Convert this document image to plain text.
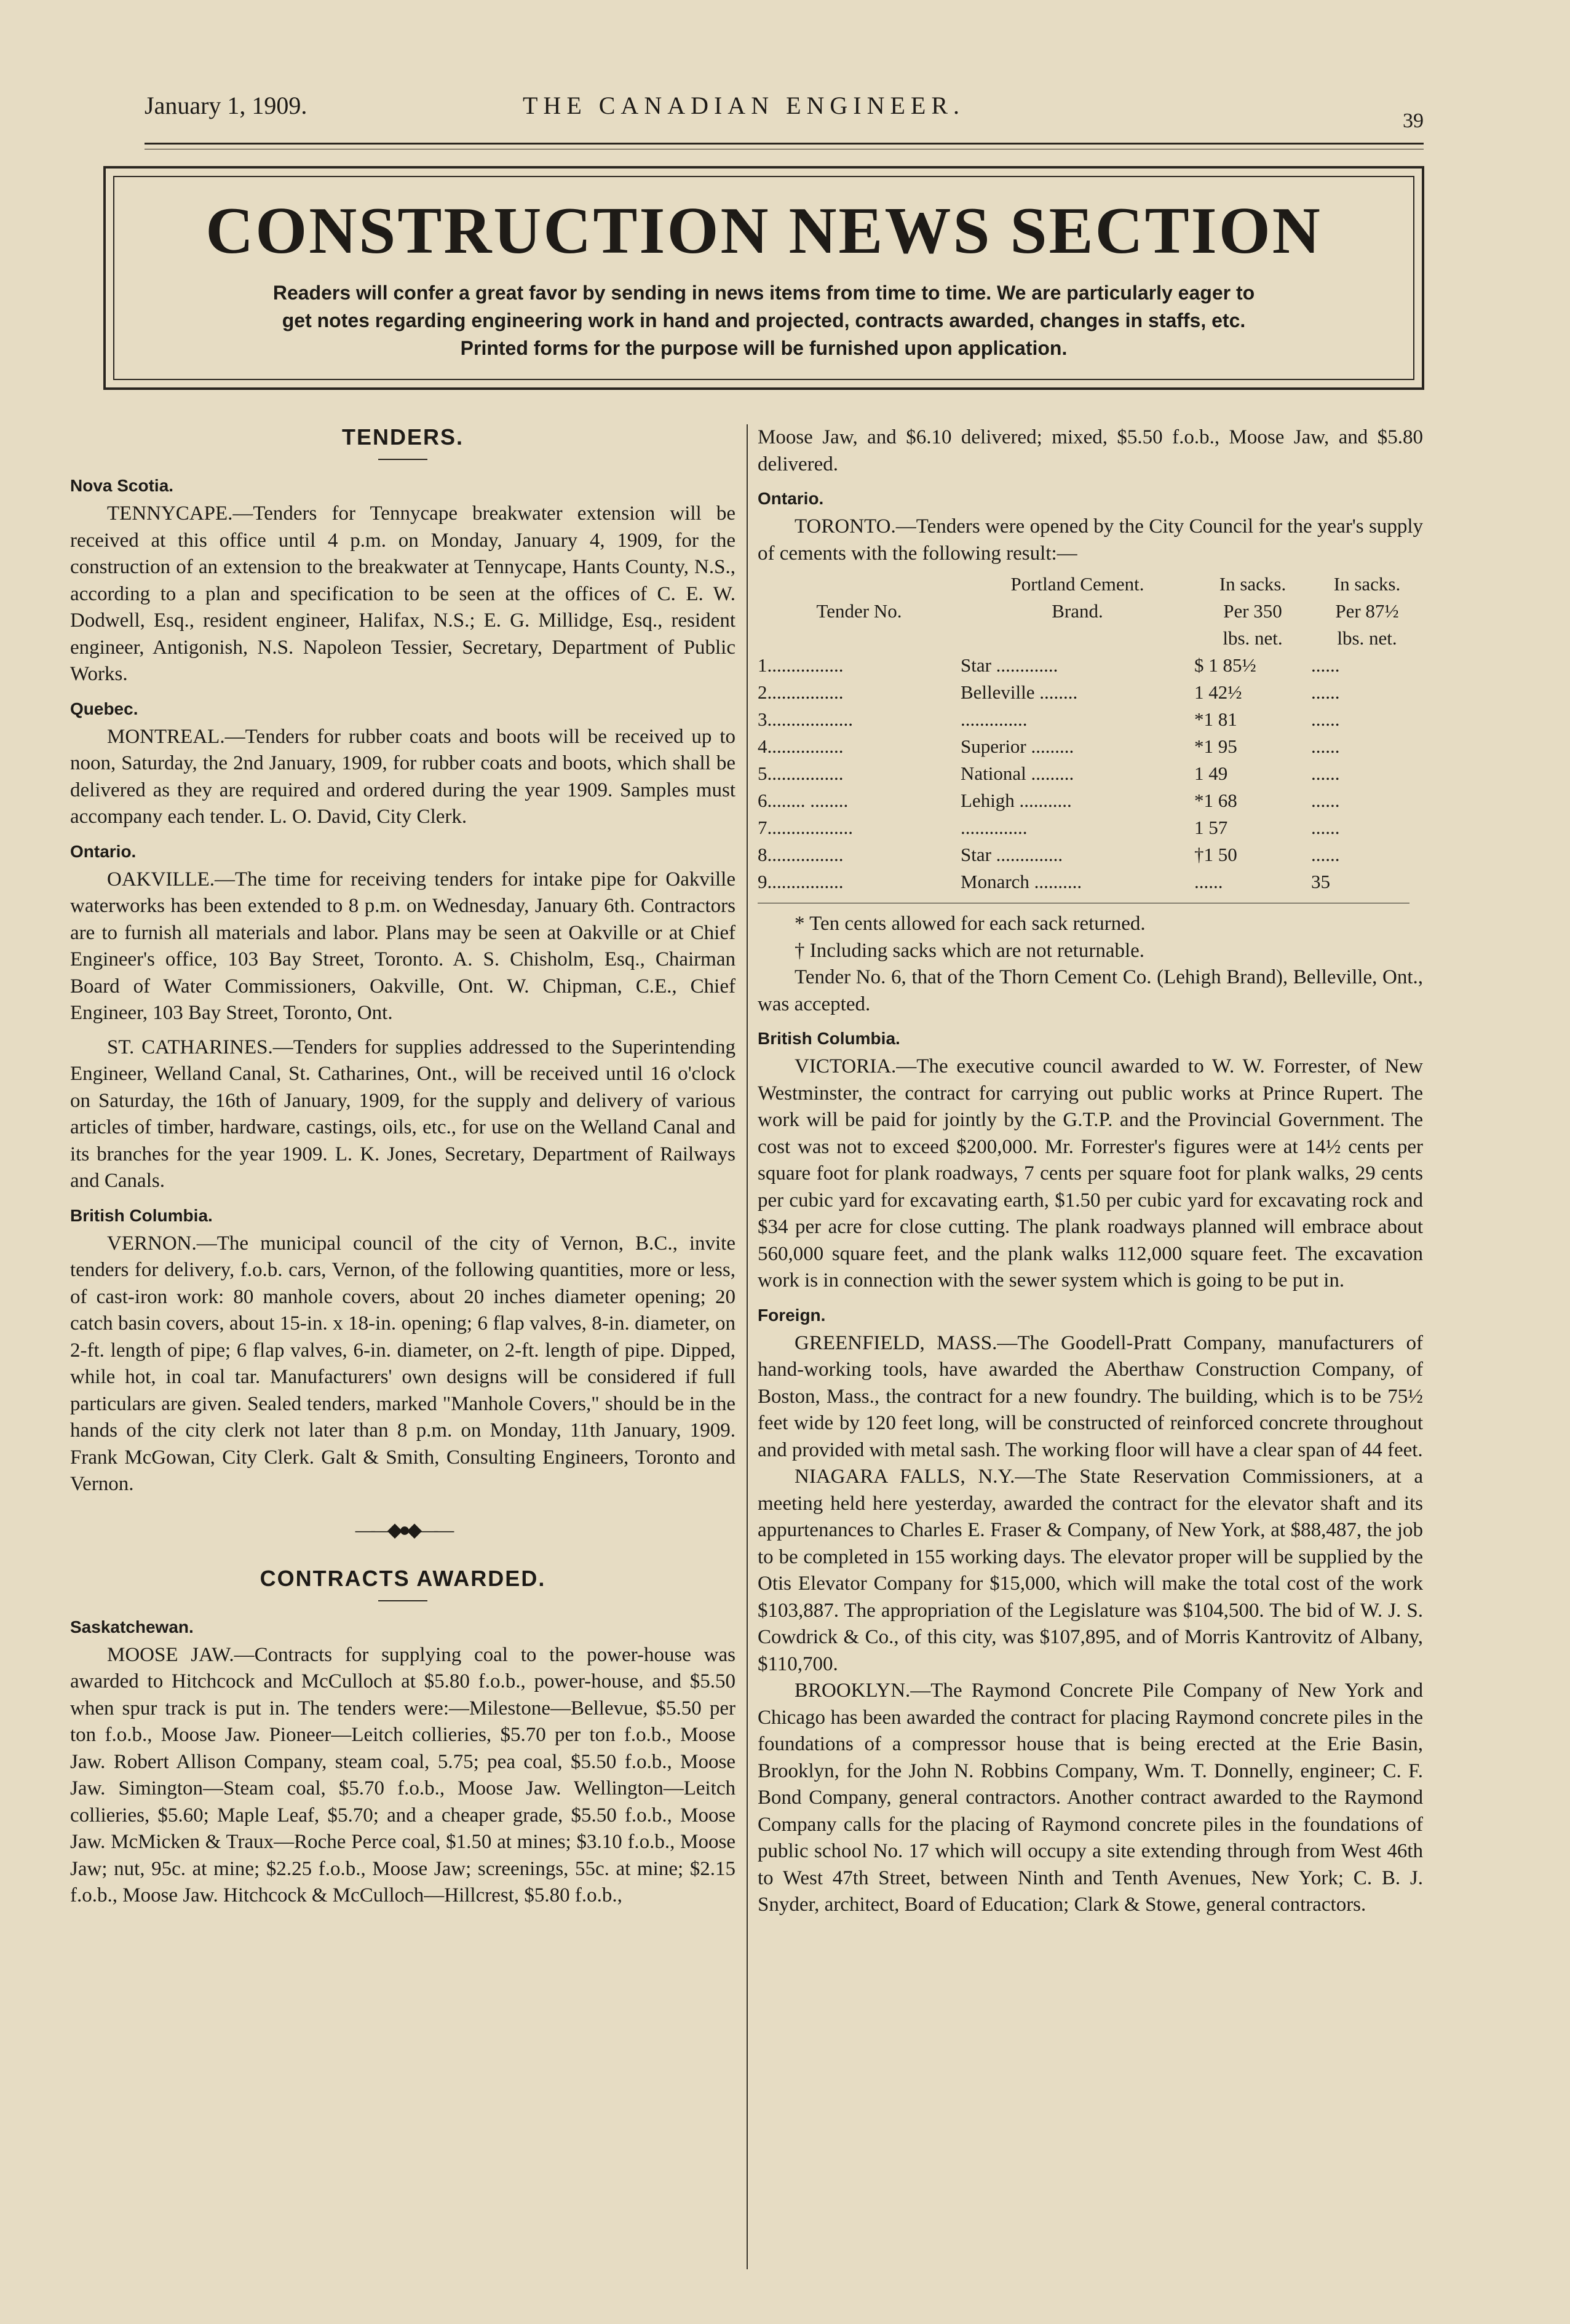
January 1, 1909.	THE CANADIAN ENGINEER.
39
CONSTRUCTION NEWS SECTION
Readers will confer a great favor by sending in news items from time to time. We are particularly eager to
get notes regarding engineering work in hand and projected, contracts awarded, changes in staffs, etc.
Printed forms for the purpose will be furnished upon application.
TENDERS.
Nova Scotia.

TENNYCAPE.—Tenders for Tennycape breakwater extension will be received at this office until 4 p.m. on Monday, January 4, 1909, for the construction of an extension to the breakwater at Tennycape, Hants County, N.S., according to a plan and specification to be seen at the offices of C. E. W. Dodwell, Esq., resident engineer, Halifax, N.S.; E. G. Millidge, Esq., resident engineer, Antigonish, N.S. Napoleon Tessier, Secretary, Department of Public Works.

Quebec.

MONTREAL.—Tenders for rubber coats and boots will be received up to noon, Saturday, the 2nd January, 1909, for rubber coats and boots, which shall be delivered as they are required and ordered during the year 1909. Samples must accompany each tender. L. O. David, City Clerk.

Ontario.

OAKVILLE.—The time for receiving tenders for intake pipe for Oakville waterworks has been extended to 8 p.m. on Wednesday, January 6th. Contractors are to furnish all materials and labor. Plans may be seen at Oakville or at Chief Engineer's office, 103 Bay Street, Toronto. A. S. Chisholm, Esq., Chairman Board of Water Commissioners, Oakville, Ont. W. Chipman, C.E., Chief Engineer, 103 Bay Street, Toronto, Ont.

ST. CATHARINES.—Tenders for supplies addressed to the Superintending Engineer, Welland Canal, St. Catharines, Ont., will be received until 16 o'clock on Saturday, the 16th of January, 1909, for the supply and delivery of various articles of timber, hardware, castings, oils, etc., for use on the Welland Canal and its branches for the year 1909. L. K. Jones, Secretary, Department of Railways and Canals.

British Columbia.

VERNON.—The municipal council of the city of Vernon, B.C., invite tenders for delivery, f.o.b. cars, Vernon, of the following quantities, more or less, of cast-iron work: 80 manhole covers, about 20 inches diameter opening; 20 catch basin covers, about 15-in. x 18-in. opening; 6 flap valves, 8-in. diameter, on 2-ft. length of pipe; 6 flap valves, 6-in. diameter, on 2-ft. length of pipe. Dipped, while hot, in coal tar. Manufacturers' own designs will be considered if full particulars are given. Sealed tenders, marked "Manhole Covers," should be in the hands of the city clerk not later than 8 p.m. on Monday, 11th January, 1909. Frank McGowan, City Clerk. Galt & Smith, Consulting Engineers, Toronto and Vernon.

——◆●◆——
CONTRACTS AWARDED.
Saskatchewan.

MOOSE JAW.—Contracts for supplying coal to the power-house was awarded to Hitchcock and McCulloch at $5.80 f.o.b., power-house, and $5.50 when spur track is put in. The tenders were:—Milestone—Bellevue, $5.50 per ton f.o.b., Moose Jaw. Pioneer—Leitch collieries, $5.70 per ton f.o.b., Moose Jaw. Robert Allison Company, steam coal, 5.75; pea coal, $5.50 f.o.b., Moose Jaw. Simington—Steam coal, $5.70 f.o.b., Moose Jaw. Wellington—Leitch collieries, $5.60; Maple Leaf, $5.70; and a cheaper grade, $5.50 f.o.b., Moose Jaw. McMicken & Traux—Roche Perce coal, $1.50 at mines; $3.10 f.o.b., Moose Jaw; nut, 95c. at mine; $2.25 f.o.b., Moose Jaw; screenings, 55c. at mine; $2.15 f.o.b., Moose Jaw. Hitchcock & McCulloch—Hillcrest, $5.80 f.o.b.,

Moose Jaw, and $6.10 delivered; mixed, $5.50 f.o.b., Moose Jaw, and $5.80 delivered.

Ontario.

TORONTO.—Tenders were opened by the City Council for the year's supply of cements with the following result:—

	Portland Cement.	In sacks.	In sacks.
Tender No.	Brand.	Per 350	Per 87½
		lbs. net.	lbs. net.
1................	Star .............	$ 1 85½	......
2................	Belleville ........	1 42½	......
3..................	..............	*1 81	......
4................	Superior .........	*1 95	......
5................	National .........	1 49	......
6........ ........	Lehigh ...........	*1 68	......
7..................	..............	1 57	......
8................	Star ..............	†1 50	......
9................	Monarch ..........	......	35

* Ten cents allowed for each sack returned.

† Including sacks which are not returnable.

Tender No. 6, that of the Thorn Cement Co. (Lehigh Brand), Belleville, Ont., was accepted.

British Columbia.

VICTORIA.—The executive council awarded to W. W. Forrester, of New Westminster, the contract for carrying out public works at Prince Rupert. The work will be paid for jointly by the G.T.P. and the Provincial Government. The cost was not to exceed $200,000. Mr. Forrester's figures were at 14½ cents per square foot for plank roadways, 7 cents per square foot for plank walks, 29 cents per cubic yard for excavating earth, $1.50 per cubic yard for excavating rock and $34 per acre for close cutting. The plank roadways planned will embrace about 560,000 square feet, and the plank walks 112,000 square feet. The excavation work is in connection with the sewer system which is going to be put in.

Foreign.

GREENFIELD, MASS.—The Goodell-Pratt Company, manufacturers of hand-working tools, have awarded the Aberthaw Construction Company, of Boston, Mass., the contract for a new foundry. The building, which is to be 75½ feet wide by 120 feet long, will be constructed of reinforced concrete throughout and provided with metal sash. The working floor will have a clear span of 44 feet.

NIAGARA FALLS, N.Y.—The State Reservation Commissioners, at a meeting held here yesterday, awarded the contract for the elevator shaft and its appurtenances to Charles E. Fraser & Company, of New York, at $88,487, the job to be completed in 155 working days. The elevator proper will be supplied by the Otis Elevator Company for $15,000, which will make the total cost of the work $103,887. The appropriation of the Legislature was $104,500. The bid of W. J. S. Cowdrick & Co., of this city, was $107,895, and of Morris Kantrovitz of Albany, $110,700.

BROOKLYN.—The Raymond Concrete Pile Company of New York and Chicago has been awarded the contract for placing Raymond concrete piles in the foundations of a compressor house that is being erected at the Erie Basin, Brooklyn, for the John N. Robbins Company, Wm. T. Donnelly, engineer; C. F. Bond Company, general contractors. Another contract awarded to the Raymond Company calls for the placing of Raymond concrete piles in the foundations of public school No. 17 which will occupy a site extending through from West 46th to West 47th Street, between Ninth and Tenth Avenues, New York; C. B. J. Snyder, architect, Board of Education; Clark & Stowe, general contractors.
